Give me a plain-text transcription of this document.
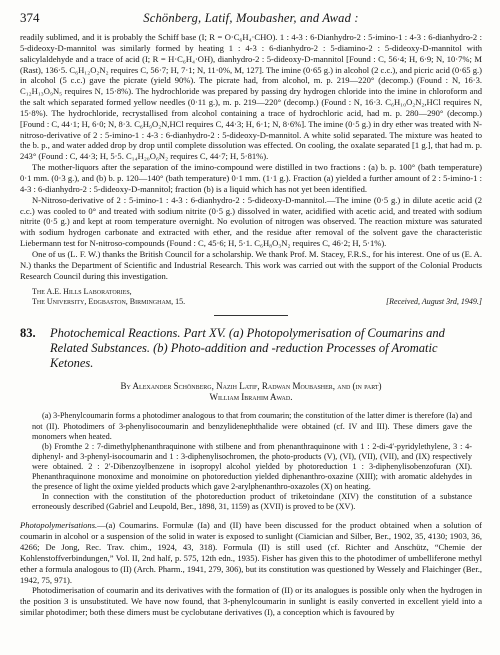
374	Schönberg, Latif, Moubasher, and Awad :

readily sublimed, and it is probably the Schiff base (I; R = O·C₆H₄·CHO). 1 : 4-3 : 6-Dianhydro-2 : 5-imino-1 : 4-3 : 6-dianhydro-2 : 5-dideoxy-D-mannitol was similarly formed by heating 1 : 4-3 : 6-dianhydro-2 : 5-diamino-2 : 5-dideoxy-D-mannitol with salicylaldehyde and a trace of acid (I; R = H·C₆H₄·OH), dianhydro-2 : 5-dideoxy-D-mannitol [Found : C, 56·4; H, 6·9; N, 10·7%; M (Rast), 136·5. C₆H₁₂O₂N₂ requires C, 56·7; H, 7·1; N, 11·0%, M, 127]. The imine (0·65 g.) in alcohol (2 c.c.), and picric acid (0·65 g.) in alcohol (5 c.c.) gave the picrate (yield 90%). The picrate had, from alcohol, m. p. 219—220° (decomp.) (Found : N, 16·3. C₁₂H₁₃O₉N₅ requires N, 15·8%). The hydrochloride was prepared by passing dry hydrogen chloride into the imine in chloroform and the salt which separated formed yellow needles (0·11 g.), m. p. 219—220° (decomp.) (Found : N, 16·3. C₆H₁₀O₂N₂,HCl requires N, 15·8%). The hydrochloride, recrystallised from alcohol containing a trace of hydrochloric acid, had m. p. 280—290° (decomp.) [Found : C, 44·1; H, 6·0; N, 8·3. C₆H₉O₂N,HCl requires C, 44·3; H, 6·1; N, 8·6%]. The imine (0·5 g.) in dry ether was treated with N-nitroso-derivative of 2 : 5-imino-1 : 4-3 : 6-dianhydro-2 : 5-dideoxy-D-mannitol. A white solid separated. The mixture was heated to the b. p., and water added drop by drop until complete dissolution was effected. On cooling, the oxalate separated [1 g.], that had m. p. 243° (Found : C, 44·3; H, 5·5. C₁₄H₂₀O₆N₂ requires C, 44·7; H, 5·81%).

The mother-liquors after the separation of the imino-compound were distilled in two fractions : (a) b. p. 100° (bath temperature) 0·1 mm. (0·3 g.), and (b) b. p. 120—140° (bath temperature) 0·1 mm. (1·1 g.). Fraction (a) yielded a further amount of 2 : 5-imino-1 : 4-3 : 6-dianhydro-2 : 5-dideoxy-D-mannitol; fraction (b) is a liquid which has not yet been identified.

N-Nitroso-derivative of 2 : 5-imino-1 : 4-3 : 6-dianhydro-2 : 5-dideoxy-D-mannitol.—The imine (0·5 g.) in dilute acetic acid (2 c.c.) was cooled to 0° and treated with sodium nitrite (0·5 g.) dissolved in water, acidified with acetic acid, and treated with sodium nitrite (0·5 g.) and kept at room temperature overnight. No evolution of nitrogen was observed. The reaction mixture was saturated with sodium hydrogen carbonate and extracted with ether, and the residue after removal of the solvent gave the characteristic Liebermann test for N-nitroso-compounds (Found : C, 45·6; H, 5·1. C₆H₈O₃N₂ requires C, 46·2; H, 5·1%).

One of us (L. F. W.) thanks the British Council for a scholarship. We thank Prof. M. Stacey, F.R.S., for his interest. One of us (E. A. N.) thanks the Department of Scientific and Industrial Research. This work was carried out with the support of the Colonial Products Research Council during this investigation.

The A.E. Hills Laboratories,
The University, Edgbaston, Birmingham, 15.	[Received, August 3rd, 1949.]
83.	Photochemical Reactions. Part XV. (a) Photopolymerisation of Coumarins and Related Substances. (b) Photo-addition and -reduction Processes of Aromatic Ketones.
By Alexander Schönberg, Nazih Latif, Radwan Moubasher, and (in part)
William Ibrahim Awad.

(a) 3-Phenylcoumarin forms a photodimer analogous to that from coumarin; the constitution of the latter dimer is therefore (Ia) and not (II). Photodimers of 3-phenylisocoumarin and benzylidenephthalide were obtained (cf. IV and III). These dimers gave the monomers when heated.

(b) Fromthe 2 : 7-dimethylphenanthraquinone with stilbene and from phenanthraquinone with 1 : 2-di-4′-pyridylethylene, 3 : 4-diphenyl- and 3-phenyl-isocoumarin and 1 : 3-diphenylisochromen, the photo-products (V), (VI), (VII), (VII), and (IX) respectively were obtained. 2 : 2′-Dibenzoylbenzene in isopropyl alcohol yielded by photoreduction 1 : 3-diphenylisobenzofuran (XI). Phenanthraquinone monoxime and monoimine on photoreduction yielded diphenanthro-oxazine (XIII); with aromatic aldehydes in the presence of light the oxime yielded products which gave 2-arylphenanthro-oxazoles (X) on heating.

In connection with the constitution of the photoreduction product of triketoindane (XIV) the constitution of a substance erroneously described (Gabriel and Leupold, Ber., 1898, 31, 1159) as (XVII) is proved to be (XV).

Photopolymerisations.—(a) Coumarins. Formulæ (Ia) and (II) have been discussed for the product obtained when a solution of coumarin in alcohol or a suspension of the solid in water is exposed to sunlight (Ciamician and Silber, Ber., 1902, 35, 4130; 1903, 36, 4266; De Jong, Rec. Trav. chim., 1924, 43, 318). Formula (II) is still used (cf. Richter and Anschütz, “Chemie der Kohlenstoffverbindungen,” Vol. II, 2nd half, p. 575, 12th edn., 1935). Fisher has given this to the photodimer of umbelliferone methyl ether a formula analogous to (II) (Arch. Pharm., 1941, 279, 306), but its constitution was questioned by Wessely and Flaichinger (Ber., 1942, 75, 971).

Photodimerisation of coumarin and its derivatives with the formation of (II) or its analogues is possible only when the hydrogen in the position 3 is unsubstituted. We have now found, that 3-phenylcoumarin in sunlight is easily converted in excellent yield into a similar photodimer; both these dimers must be cyclobutane derivatives (I), a conception which is favoured by
